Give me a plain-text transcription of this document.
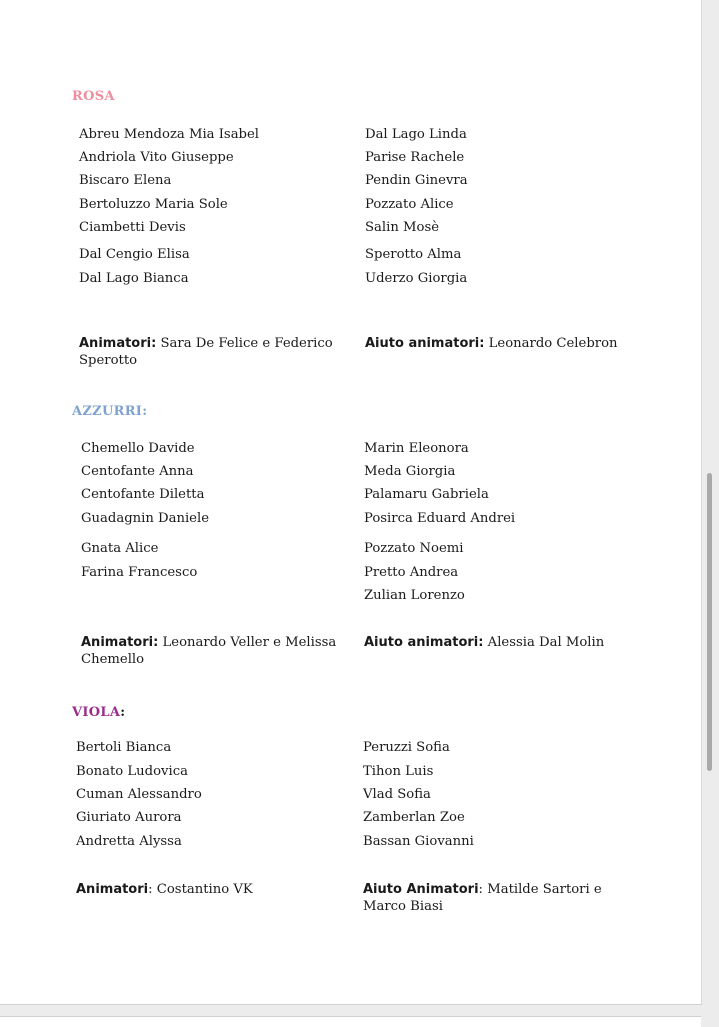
ROSA
Abreu Mendoza Mia Isabel
Andriola Vito Giuseppe
Biscaro Elena
Bertoluzzo Maria Sole
Ciambetti Devis
Dal Cengio Elisa
Dal Lago Bianca
Dal Lago Linda
Parise Rachele
Pendin Ginevra
Pozzato Alice
Salin Mosè
Sperotto Alma
Uderzo Giorgia
Animatori: Sara De Felice e Federico Sperotto
Aiuto animatori: Leonardo Celebron
AZZURRI:
Chemello Davide
Centofante Anna
Centofante Diletta
Guadagnin Daniele
Gnata Alice
Farina Francesco
Marin Eleonora
Meda Giorgia
Palamaru Gabriela
Posirca Eduard Andrei
Pozzato Noemi
Pretto Andrea
Zulian Lorenzo
Animatori: Leonardo Veller e Melissa Chemello
Aiuto animatori: Alessia Dal Molin
VIOLA:
Bertoli Bianca
Bonato Ludovica
Cuman Alessandro
Giuriato Aurora
Andretta Alyssa
Peruzzi Sofia
Tihon Luis
Vlad Sofia
Zamberlan Zoe
Bassan Giovanni
Animatori: Costantino VK	Aiuto Animatori: Matilde Sartori e Marco Biasi
